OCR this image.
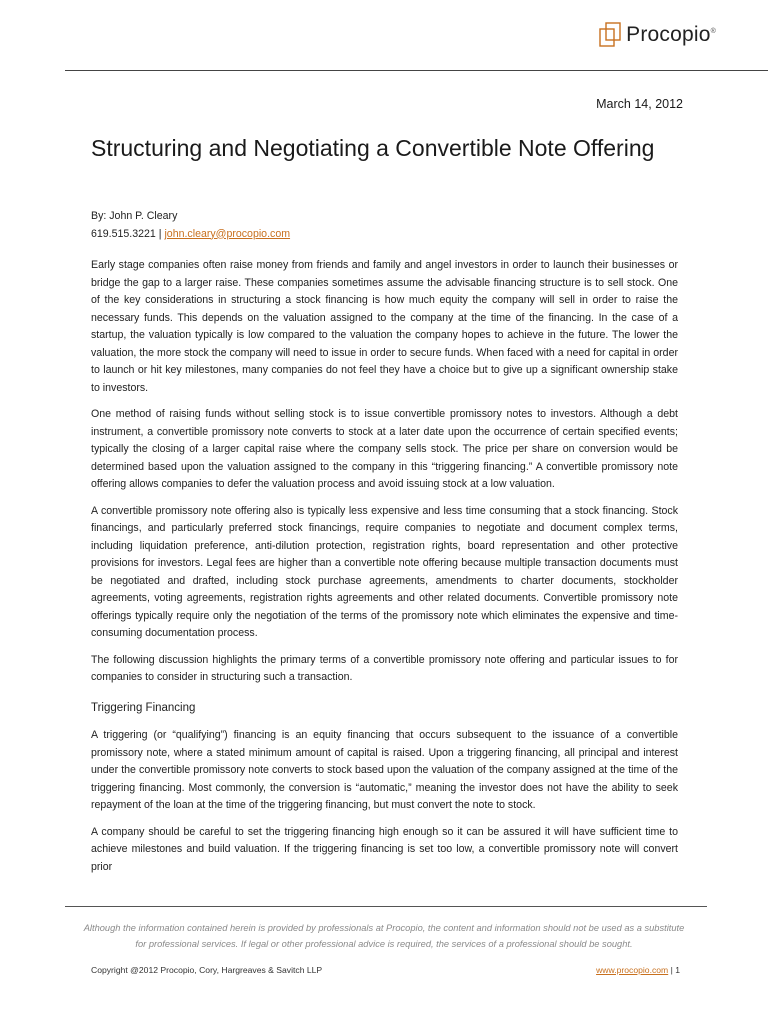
Procopio®
March 14, 2012
Structuring and Negotiating a Convertible Note Offering
By: John P. Cleary
619.515.3221 | john.cleary@procopio.com

Early stage companies often raise money from friends and family and angel investors in order to launch their businesses or bridge the gap to a larger raise. These companies sometimes assume the advisable financing structure is to sell stock. One of the key considerations in structuring a stock financing is how much equity the company will sell in order to raise the necessary funds. This depends on the valuation assigned to the company at the time of the financing. In the case of a startup, the valuation typically is low compared to the valuation the company hopes to achieve in the future. The lower the valuation, the more stock the company will need to issue in order to secure funds. When faced with a need for capital in order to launch or hit key milestones, many companies do not feel they have a choice but to give up a significant ownership stake to investors.

One method of raising funds without selling stock is to issue convertible promissory notes to investors. Although a debt instrument, a convertible promissory note converts to stock at a later date upon the occurrence of certain specified events; typically the closing of a larger capital raise where the company sells stock. The price per share on conversion would be determined based upon the valuation assigned to the company in this “triggering financing.” A convertible promissory note offering allows companies to defer the valuation process and avoid issuing stock at a low valuation.

A convertible promissory note offering also is typically less expensive and less time consuming that a stock financing. Stock financings, and particularly preferred stock financings, require companies to negotiate and document complex terms, including liquidation preference, anti-dilution protection, registration rights, board representation and other protective provisions for investors. Legal fees are higher than a convertible note offering because multiple transaction documents must be negotiated and drafted, including stock purchase agreements, amendments to charter documents, stockholder agreements, voting agreements, registration rights agreements and other related documents. Convertible promissory note offerings typically require only the negotiation of the terms of the promissory note which eliminates the expensive and time-consuming documentation process.

The following discussion highlights the primary terms of a convertible promissory note offering and particular issues to for companies to consider in structuring such a transaction.

Triggering Financing

A triggering (or “qualifying”) financing is an equity financing that occurs subsequent to the issuance of a convertible promissory note, where a stated minimum amount of capital is raised. Upon a triggering financing, all principal and interest under the convertible promissory note converts to stock based upon the valuation of the company assigned at the time of the triggering financing. Most commonly, the conversion is “automatic,” meaning the investor does not have the ability to seek repayment of the loan at the time of the triggering financing, but must convert the note to stock.

A company should be careful to set the triggering financing high enough so it can be assured it will have sufficient time to achieve milestones and build valuation. If the triggering financing is set too low, a convertible promissory note will convert prior

Although the information contained herein is provided by professionals at Procopio, the content and information should not be used as a substitute for professional services. If legal or other professional advice is required, the services of a professional should be sought.

Copyright @2012 Procopio, Cory, Hargreaves & Savitch LLP	www.procopio.com | 1
